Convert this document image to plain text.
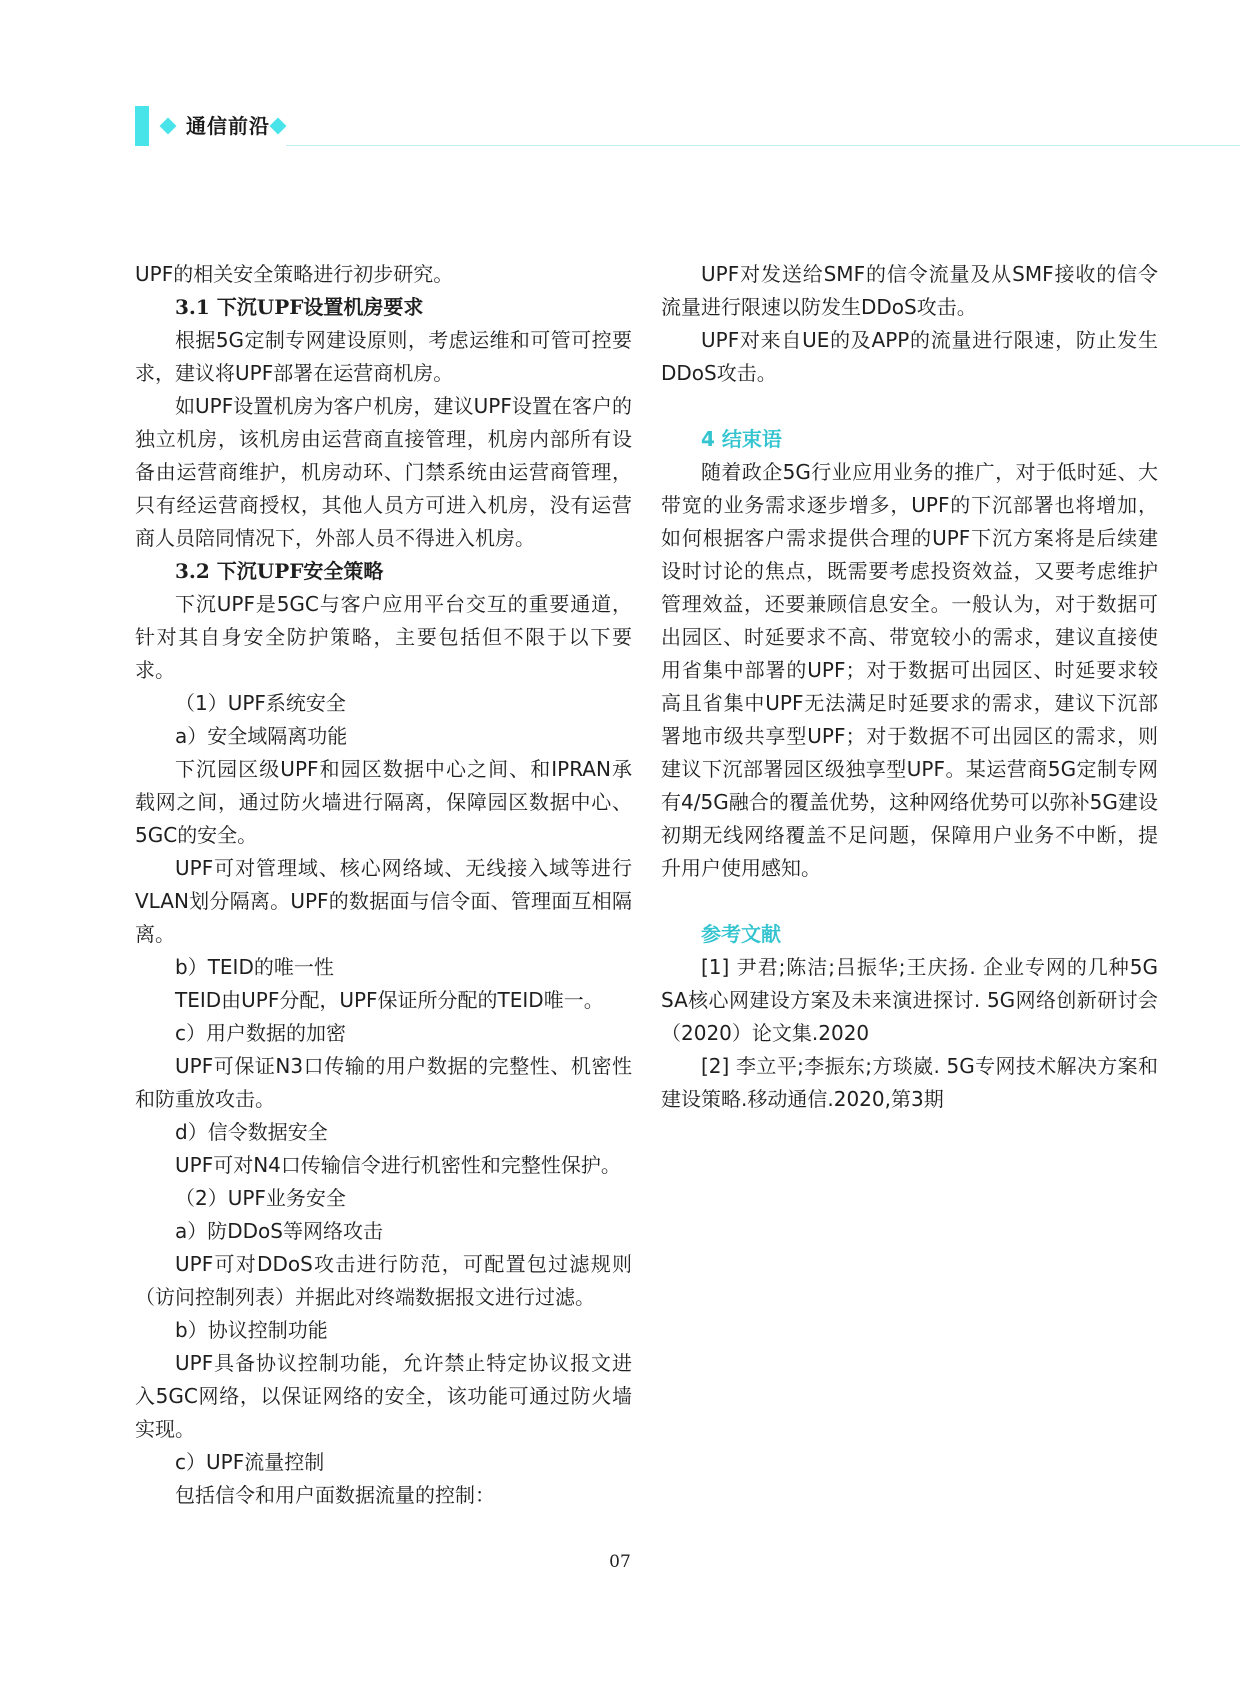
通信前沿

UPF的相关安全策略进行初步研究。

3.1 下沉UPF设置机房要求

根据5G定制专网建设原则，考虑运维和可管可控要求，建议将UPF部署在运营商机房。

如UPF设置机房为客户机房，建议UPF设置在客户的独立机房，该机房由运营商直接管理，机房内部所有设备由运营商维护，机房动环、门禁系统由运营商管理，只有经运营商授权，其他人员方可进入机房，没有运营商人员陪同情况下，外部人员不得进入机房。

3.2 下沉UPF安全策略

下沉UPF是5GC与客户应用平台交互的重要通道，针对其自身安全防护策略，主要包括但不限于以下要求。

（1）UPF系统安全

a）安全域隔离功能

下沉园区级UPF和园区数据中心之间、和IPRAN承载网之间，通过防火墙进行隔离，保障园区数据中心、5GC的安全。

UPF可对管理域、核心网络域、无线接入域等进行VLAN划分隔离。UPF的数据面与信令面、管理面互相隔离。

b）TEID的唯一性

TEID由UPF分配，UPF保证所分配的TEID唯一。

c）用户数据的加密

UPF可保证N3口传输的用户数据的完整性、机密性和防重放攻击。

d）信令数据安全

UPF可对N4口传输信令进行机密性和完整性保护。

（2）UPF业务安全

a）防DDoS等网络攻击

UPF可对DDoS攻击进行防范，可配置包过滤规则（访问控制列表）并据此对终端数据报文进行过滤。

b）协议控制功能

UPF具备协议控制功能，允许禁止特定协议报文进入5GC网络，以保证网络的安全，该功能可通过防火墙实现。

c）UPF流量控制

包括信令和用户面数据流量的控制：

UPF对发送给SMF的信令流量及从SMF接收的信令流量进行限速以防发生DDoS攻击。

UPF对来自UE的及APP的流量进行限速，防止发生DDoS攻击。

4 结束语

随着政企5G行业应用业务的推广，对于低时延、大带宽的业务需求逐步增多，UPF的下沉部署也将增加，如何根据客户需求提供合理的UPF下沉方案将是后续建设时讨论的焦点，既需要考虑投资效益，又要考虑维护管理效益，还要兼顾信息安全。一般认为，对于数据可出园区、时延要求不高、带宽较小的需求，建议直接使用省集中部署的UPF；对于数据可出园区、时延要求较高且省集中UPF无法满足时延要求的需求，建议下沉部署地市级共享型UPF；对于数据不可出园区的需求，则建议下沉部署园区级独享型UPF。某运营商5G定制专网有4/5G融合的覆盖优势，这种网络优势可以弥补5G建设初期无线网络覆盖不足问题，保障用户业务不中断，提升用户使用感知。

参考文献

[1] 尹君;陈洁;吕振华;王庆扬. 企业专网的几种5G SA核心网建设方案及未来演进探讨. 5G网络创新研讨会（2020）论文集.2020

[2] 李立平;李振东;方琰崴. 5G专网技术解决方案和建设策略.移动通信.2020,第3期

07
